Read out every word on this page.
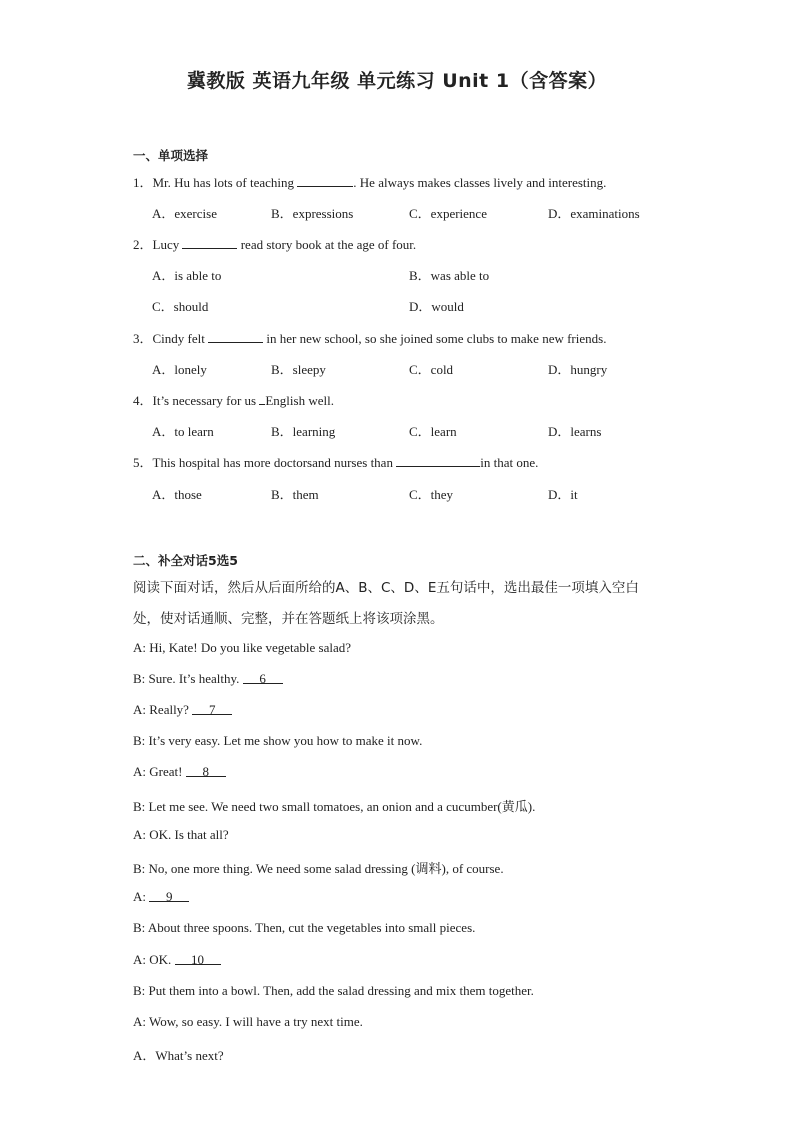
冀教版 英语九年级 单元练习 Unit 1（含答案）
一、单项选择
1．Mr. Hu has lots of teaching	. He always makes classes lively and interesting.
A．exercise	B．expressions	C．experience	D．examinations
2．Lucy	read story book at the age of four.
A．is able to	B．was able to
C．should	D．would
3．Cindy felt	in her new school, so she joined some clubs to make new friends.
A．lonely	B．sleepy	C．cold	D．hungry
4．It’s necessary for us English well.
A．to learn	B．learning	C．learn	D．learns
5．This hospital has more doctorsand nurses than	in that one.
A．those	B．them	C．they	D．it
二、补全对话5选5
阅读下面对话，然后从后面所给的A、B、C、D、E五句话中，选出最佳一项填入空白
处，使对话通顺、完整，并在答题纸上将该项涂黑。
A: Hi, Kate! Do you like vegetable salad?
B: Sure. It’s healthy. 6
A: Really? 7
B: It’s very easy. Let me show you how to make it now.
A: Great! 8
B: Let me see. We need two small tomatoes, an onion and a cucumber(黄瓜).
A: OK. Is that all?
B: No, one more thing. We need some salad dressing (调料), of course.
A: 9
B: About three spoons. Then, cut the vegetables into small pieces.
A: OK. 10
B: Put them into a bowl. Then, add the salad dressing and mix them together.
A: Wow, so easy. I will have a try next time.
A．What’s next?
